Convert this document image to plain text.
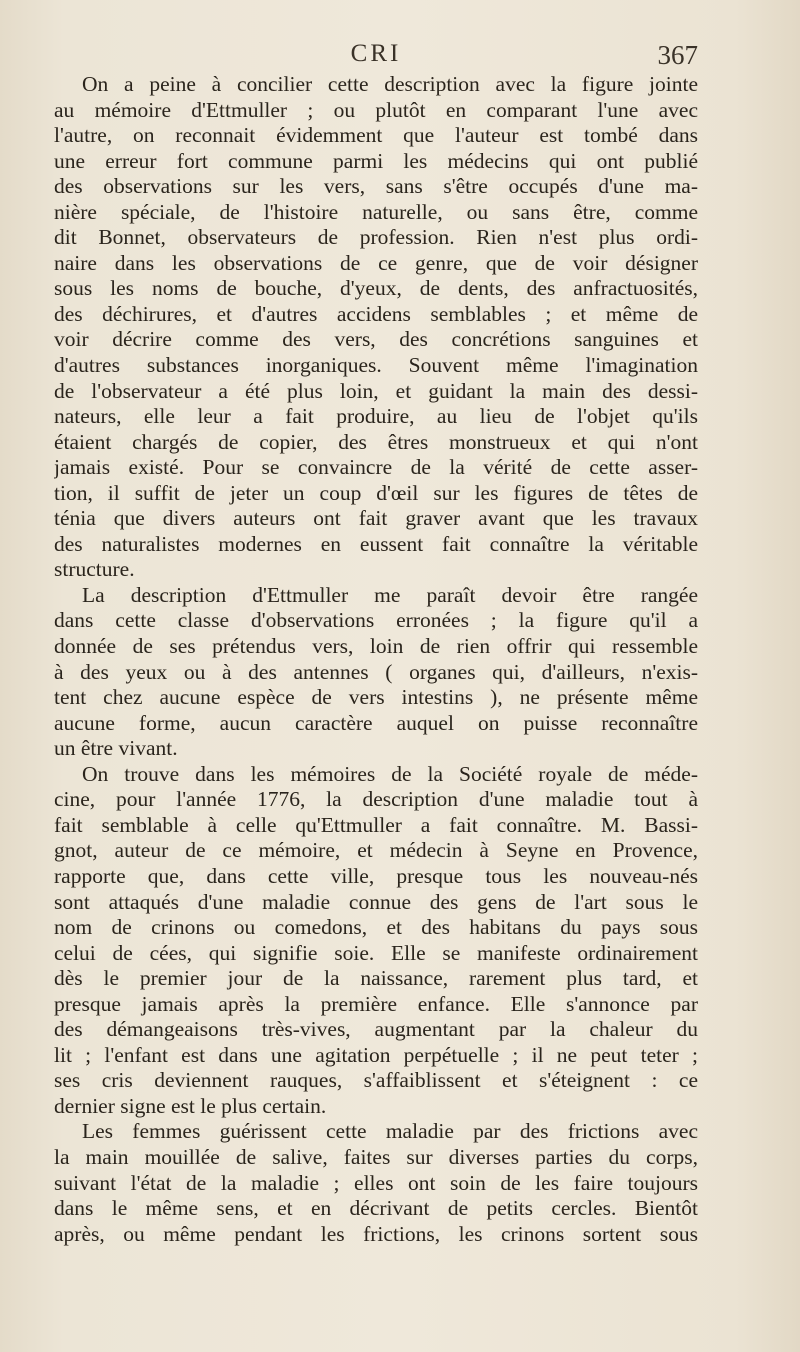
CRI	367
On a peine à concilier cette description avec la figure jointe
au mémoire d'Ettmuller ; ou plutôt en comparant l'une avec
l'autre, on reconnait évidemment que l'auteur est tombé dans
une erreur fort commune parmi les médecins qui ont publié
des observations sur les vers, sans s'être occupés d'une ma-
nière spéciale, de l'histoire naturelle, ou sans être, comme
dit Bonnet, observateurs de profession. Rien n'est plus ordi-
naire dans les observations de ce genre, que de voir désigner
sous les noms de bouche, d'yeux, de dents, des anfractuosités,
des déchirures, et d'autres accidens semblables ; et même de
voir décrire comme des vers, des concrétions sanguines et
d'autres substances inorganiques. Souvent même l'imagination
de l'observateur a été plus loin, et guidant la main des dessi-
nateurs, elle leur a fait produire, au lieu de l'objet qu'ils
étaient chargés de copier, des êtres monstrueux et qui n'ont
jamais existé. Pour se convaincre de la vérité de cette asser-
tion, il suffit de jeter un coup d'œil sur les figures de têtes de
ténia que divers auteurs ont fait graver avant que les travaux
des naturalistes modernes en eussent fait connaître la véritable
structure.
La description d'Ettmuller me paraît devoir être rangée
dans cette classe d'observations erronées ; la figure qu'il a
donnée de ses prétendus vers, loin de rien offrir qui ressemble
à des yeux ou à des antennes ( organes qui, d'ailleurs, n'exis-
tent chez aucune espèce de vers intestins ), ne présente même
aucune forme, aucun caractère auquel on puisse reconnaître
un être vivant.
On trouve dans les mémoires de la Société royale de méde-
cine, pour l'année 1776, la description d'une maladie tout à
fait semblable à celle qu'Ettmuller a fait connaître. M. Bassi-
gnot, auteur de ce mémoire, et médecin à Seyne en Provence,
rapporte que, dans cette ville, presque tous les nouveau-nés
sont attaqués d'une maladie connue des gens de l'art sous le
nom de crinons ou comedons, et des habitans du pays sous
celui de cées, qui signifie soie. Elle se manifeste ordinairement
dès le premier jour de la naissance, rarement plus tard, et
presque jamais après la première enfance. Elle s'annonce par
des démangeaisons très-vives, augmentant par la chaleur du
lit ; l'enfant est dans une agitation perpétuelle ; il ne peut teter ;
ses cris deviennent rauques, s'affaiblissent et s'éteignent : ce
dernier signe est le plus certain.
Les femmes guérissent cette maladie par des frictions avec
la main mouillée de salive, faites sur diverses parties du corps,
suivant l'état de la maladie ; elles ont soin de les faire toujours
dans le même sens, et en décrivant de petits cercles. Bientôt
après, ou même pendant les frictions, les crinons sortent sous
